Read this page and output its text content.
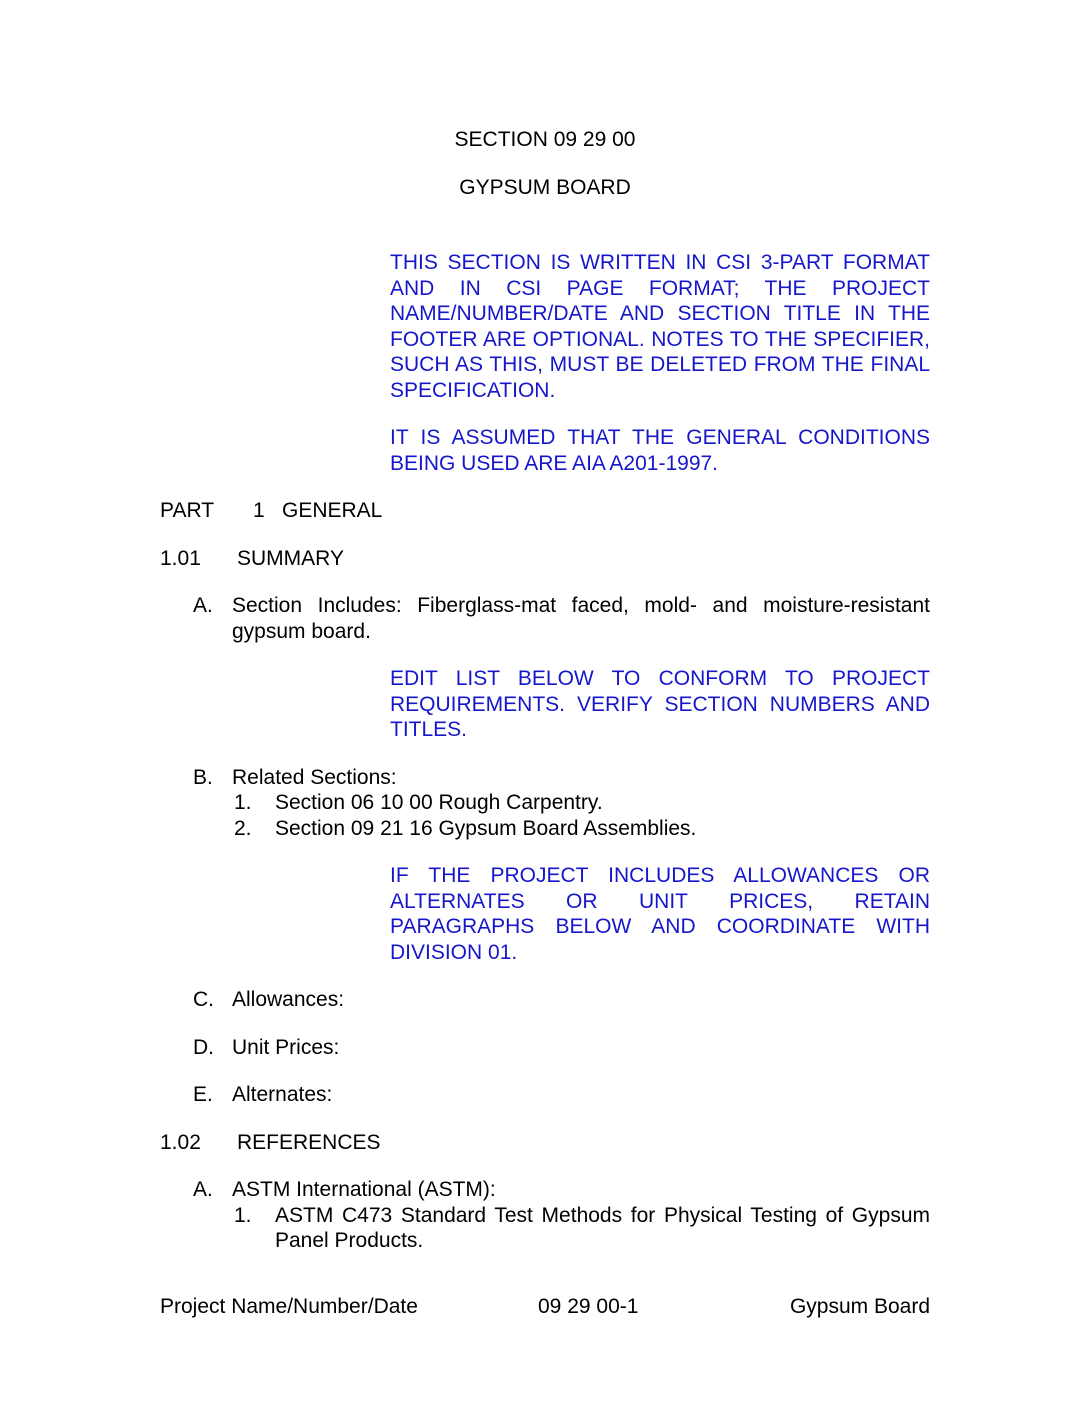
SECTION 09 29 00

GYPSUM BOARD

THIS SECTION IS WRITTEN IN CSI 3-PART FORMAT AND IN CSI PAGE FORMAT; THE PROJECT NAME/NUMBER/DATE AND SECTION TITLE IN THE FOOTER ARE OPTIONAL. NOTES TO THE SPECIFIER, SUCH AS THIS, MUST BE DELETED FROM THE FINAL SPECIFICATION.

IT IS ASSUMED THAT THE GENERAL CONDITIONS BEING USED ARE AIA A201-1997.

PART	1 GENERAL
1.01	SUMMARY
A. Section Includes: Fiberglass-mat faced, mold- and moisture-resistant gypsum board.

EDIT LIST BELOW TO CONFORM TO PROJECT REQUIREMENTS. VERIFY SECTION NUMBERS AND TITLES.

B. Related Sections:
1.	Section 06 10 00 Rough Carpentry.
2.	Section 09 21 16 Gypsum Board Assemblies.

IF THE PROJECT INCLUDES ALLOWANCES OR ALTERNATES OR UNIT PRICES, RETAIN PARAGRAPHS BELOW AND COORDINATE WITH DIVISION 01.

C. Allowances:
D. Unit Prices:
E. Alternates:
1.02	REFERENCES
A. ASTM International (ASTM):
1.	ASTM C473 Standard Test Methods for Physical Testing of Gypsum Panel Products.
Project Name/Number/Date	09 29 00-1	Gypsum Board
